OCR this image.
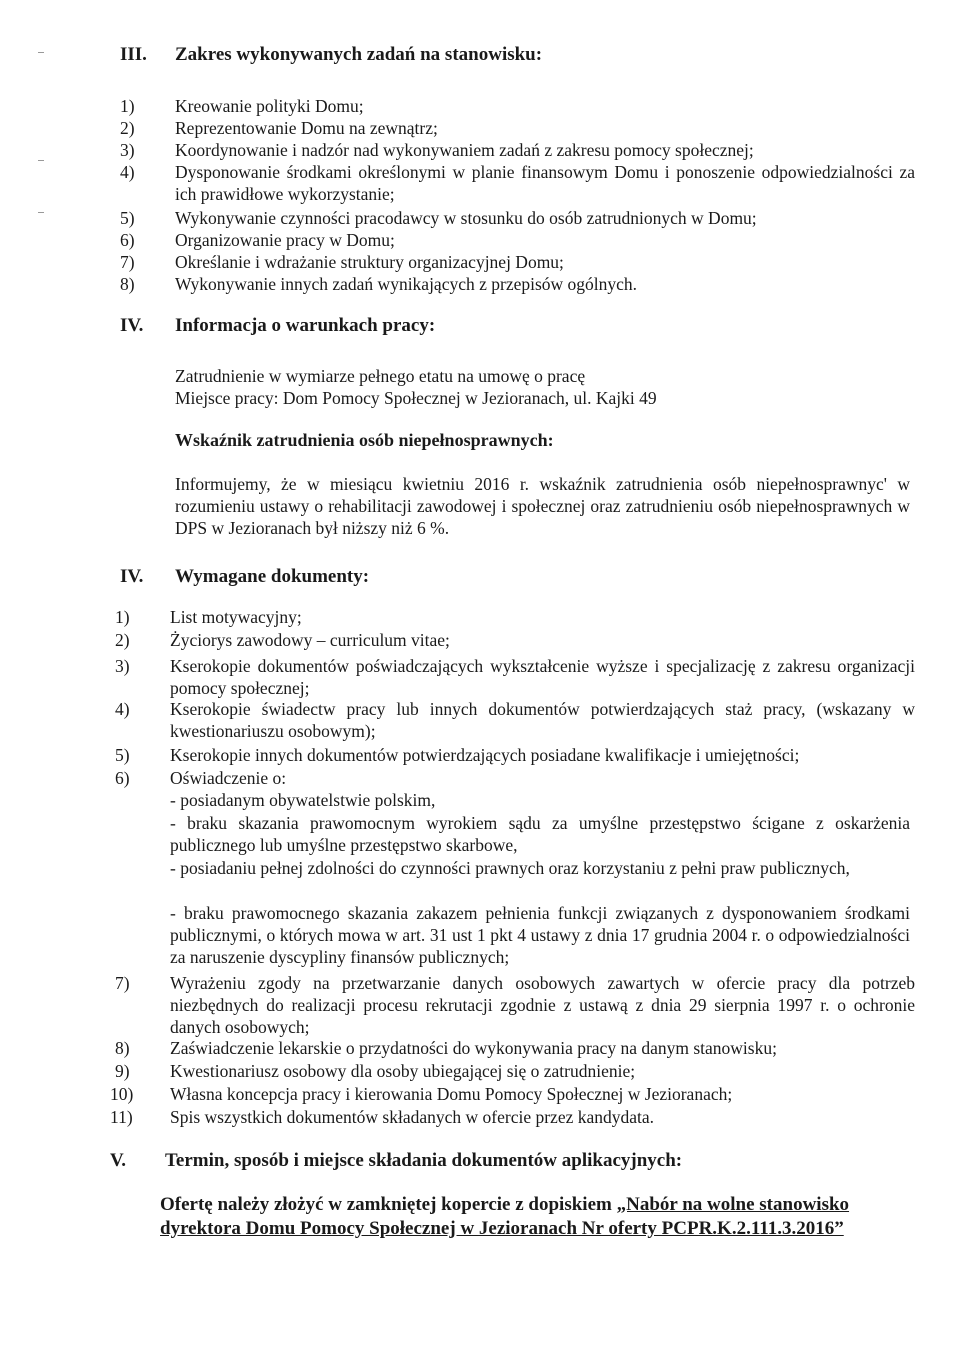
III. Zakres wykonywanych zadań na stanowisku:
1) Kreowanie polityki Domu;
2) Reprezentowanie Domu na zewnątrz;
3) Koordynowanie i nadzór nad wykonywaniem zadań z zakresu pomocy społecznej;
4) Dysponowanie środkami określonymi w planie finansowym Domu i ponoszenie odpowiedzialności za ich prawidłowe wykorzystanie;
5) Wykonywanie czynności pracodawcy w stosunku do osób zatrudnionych w Domu;
6) Organizowanie pracy w Domu;
7) Określanie i wdrażanie struktury organizacyjnej Domu;
8) Wykonywanie innych zadań wynikających z przepisów ogólnych.
IV. Informacja o warunkach pracy:
Zatrudnienie w wymiarze pełnego etatu na umowę o pracę
Miejsce pracy: Dom Pomocy Społecznej w Jezioranach, ul. Kajki 49
Wskaźnik zatrudnienia osób niepełnosprawnych:
Informujemy, że w miesiącu kwietniu 2016 r. wskaźnik zatrudnienia osób niepełnosprawnyc' w rozumieniu ustawy o rehabilitacji zawodowej i społecznej oraz zatrudnieniu osób niepełnosprawnych w DPS w Jezioranach był niższy niż 6 %.
IV. Wymagane dokumenty:
1) List motywacyjny;
2) Życiorys zawodowy – curriculum vitae;
3) Kserokopie dokumentów poświadczających wykształcenie wyższe i specjalizację z zakresu organizacji pomocy społecznej;
4) Kserokopie świadectw pracy lub innych dokumentów potwierdzających staż pracy, (wskazany w kwestionariuszu osobowym);
5) Kserokopie innych dokumentów potwierdzających posiadane kwalifikacje i umiejętności;
6) Oświadczenie o:
- posiadanym obywatelstwie polskim,
- braku skazania prawomocnym wyrokiem sądu za umyślne przestępstwo ścigane z oskarżenia publicznego lub umyślne przestępstwo skarbowe,
- posiadaniu pełnej zdolności do czynności prawnych oraz korzystaniu z pełni praw publicznych,
- braku prawomocnego skazania zakazem pełnienia funkcji związanych z dysponowaniem środkami publicznymi, o których mowa w art. 31 ust 1 pkt 4 ustawy z dnia 17 grudnia 2004 r. o odpowiedzialności za naruszenie dyscypliny finansów publicznych;
7) Wyrażeniu zgody na przetwarzanie danych osobowych zawartych w ofercie pracy dla potrzeb niezbędnych do realizacji procesu rekrutacji zgodnie z ustawą z dnia 29 sierpnia 1997 r. o ochronie danych osobowych;
8) Zaświadczenie lekarskie o przydatności do wykonywania pracy na danym stanowisku;
9) Kwestionariusz osobowy dla osoby ubiegającej się o zatrudnienie;
10) Własna koncepcja pracy i kierowania Domu Pomocy Społecznej w Jezioranach;
11) Spis wszystkich dokumentów składanych w ofercie przez kandydata.
V. Termin, sposób i miejsce składania dokumentów aplikacyjnych:
Ofertę należy złożyć w zamkniętej kopercie z dopiskiem „Nabór na wolne stanowisko dyrektora Domu Pomocy Społecznej w Jezioranach Nr oferty PCPR.K.2.111.3.2016”
